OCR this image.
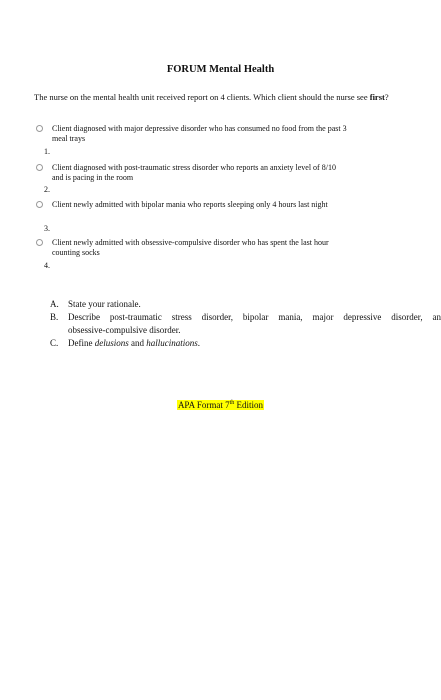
FORUM Mental Health
The nurse on the mental health unit received report on 4 clients. Which client should the nurse see first?
Client diagnosed with major depressive disorder who has consumed no food from the past 3
meal trays
1.
Client diagnosed with post-traumatic stress disorder who reports an anxiety level of 8/10
and is pacing in the room
2.
Client newly admitted with bipolar mania who reports sleeping only 4 hours last night
3.
Client newly admitted with obsessive-compulsive disorder who has spent the last hour
counting socks
4.
A. State your rationale.
B. Describe post-traumatic stress disorder, bipolar mania, major depressive disorder, an
obsessive-compulsive disorder.
C. Define delusions and hallucinations.
APA Format 7th Edition
